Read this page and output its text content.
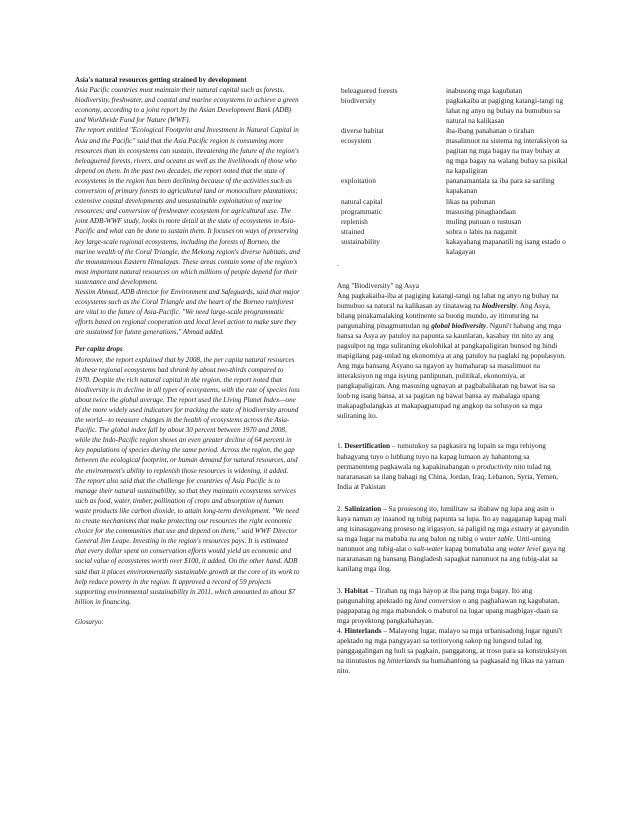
Asia's natural resources getting strained by development

Asia Pacific countries must maintain their natural capital such as forests, biodiversity, freshwater, and coastal and marine ecosystems to achieve a green economy, according to a joint report by the Asian Development Bank (ADB) and Worldwide Fund for Nature (WWF).

The report entitled "Ecological Footprint and Investment in Natural Capital in Asia and the Pacific" said that the Asia Pacific region is consuming more resources than its ecosystems can sustain, threatening the future of the region's beleaguered forests, rivers, and oceans as well as the livelihoods of those who depend on them. In the past two decades, the report noted that the state of ecosystems in the region has been declining because of the activities such as conversion of primary forests to agricultural land or monoculture plantations; extensive coastal developments and unsustainable exploitation of marine resources; and conversion of freshwater ecosystem for agricultural use. The joint ADB-WWF study, looks in more detail at the state of ecosystems in Asia-Pacific and what can be done to sustain them. It focuses on ways of preserving key large-scale regional ecosystems, including the forests of Borneo, the marine wealth of the Coral Triangle, the Mekong region's diverse habitats, and the mountainous Eastern Himalayas. These areas contain some of the region's most important natural resources on which millions of people depend for their sustenance and development.

Nessim Ahmad, ADB director for Environment and Safeguards, said that major ecosystems such as the Coral Triangle and the heart of the Borneo rainforest are vital to the future of Asia-Pacific. "We need large-scale programmatic efforts based on regional cooperation and local level action to make sure they are sustained for future generations," Ahmad added.

Per capita drops

Moreover, the report explained that by 2008, the per capita natural resources in these regional ecosystems had shrunk by about two-thirds compared to 1970. Despite the rich natural capital in the region, the report noted that biodiversity is in decline in all types of ecosystems, with the rate of species loss about twice the global average. The report used the Living Planet Index—one of the more widely used indicators for tracking the state of biodiversity around the world—to measure changes in the health of ecosystems across the Asia-Pacific. The global index fall by about 30 percent between 1970 and 2008, while the Indo-Pacific region shows an even greater decline of 64 percent in key populations of species during the same period. Across the region, the gap between the ecological footprint, or human demand for natural resources, and the environment's ability to replenish those resources is widening, it added. The report also said that the challenge for countries of Asia Pacific is to manage their natural sustainability, so that they maintain ecosystems services such as food, water, timber, pollination of crops and absorption of human waste products like carbon dioxide, to attain long-term development. "We need to create mechanisms that make protecting our resources the right economic choice for the communities that use and depend on them," said WWF Director General Jim Leape. Investing in the region's resources pays. It is estimated that every dollar spent on conservation efforts would yield an economic and social value of ecosystems worth over $100, it added. On the other hand, ADB said that it places environmentally sustainable growth at the core of its work to help reduce poverty in the region. It approved a record of 59 projects supporting environmental sustainability in 2011, which amounted to about $7 billion in financing.

Glosaryo:

beleaguered forests	inabusong mga kagubatan
biodiversity	pagkakaiba at pagiging katangi-tangi ng lahat ng anyo ng buhay na bumubuo sa natural na kalikasan
diverse habitat	iba-ibang panahanan o tirahan
ecosystem	masalimuot na sistema ng interaksiyon sa pagitan ng mga bagay na may buhay at ng mga bagay na walang buhay sa pisikal na kapaligiran
exploitation	pananamantala sa iba para sa sariling kapakanan
natural capital	likas na puhunan
programmatic	masusing pinaghandaan
replenish	muling punuan o tustusan
strained	sobra o labis na nagamit
sustainability	kakayahang mapanatili ng isang estado o kalagayan

.

Ang "Biodiversity" ng Asya

Ang pagkakaiba-iba at pagiging katangi-tangi ng lahat ng anyo ng buhay na bumubuo sa natural na kalikasan ay tinatawag na biodiversity. Ang Asya, bilang pinakamalaking kontinente sa buong mundo, ay itinuturing na pangunahing pinagmumulan ng global biodiversity. Nguni't habang ang mga bansa sa Asya ay patuloy na papunta sa kaunlaran, kasabay rin nito ay ang pagsulpot ng mga suliraning ekolohikal at pangkapaligiran bunsod ng hindi mapigilang pag-unlad ng ekonomiya at ang patuloy na paglaki ng populasyon. Ang mga bansang Asyano sa ngayon ay humaharap sa masalimuot na interaksiyon ng mga isyung panlipunan, pulitikal, ekonomiya, at pangkapaligiran. Ang masusing ugnayan at pagbabalikatan ng bawat isa sa loob ng isang bansa, at sa pagitan ng bawat bansa ay mahalaga upang makapagbalangkas at makapagpatupad ng angkop na solusyon sa mga suliraning ito.

1. Desertification – tumutukoy sa pagkasira ng lupain sa mga rehiyong bahagyang tuyo o lubhang tuyo na kapag lumaon ay hahantong sa permanenteng pagkawala ng kapakinabangan o productivity nito tulad ng nararanasan sa ilang bahagi ng China, Jordan, Iraq, Lebanon, Syria, Yemen, India at Pakistan

2. Salinization – Sa prosesong ito, lumilitaw sa ibabaw ng lupa ang asin o kaya naman ay inaanod ng tubig papunta sa lupa. Ito ay nagaganap kapag mali ang isinasagawang proseso ng irigasyon, sa paligid ng mga estuary at gayundin sa mga lugar na mababa na ang balon ng tubig o water table. Unti-unting nanunuot ang tubig-alat o salt-water kapag bumababa ang water level gaya ng nararanasan ng bansang Bangladesh sapagkat nanunuot na ang tubig-alat sa kanilang mga ilog.

3. Habitat – Tirahan ng mga hayop at iba pang mga bagay. Ito ang pangunahing apektado ng land conversion o ang paghahawan ng kagubatan, pagpapatag ng mga mabundok o maburol na lugar upang magbigay-daan sa mga proyektong pangkabahayan.

4. Hinterlands – Malayong lugar, malayo sa mga urbanisadong lugar nguni't apektado ng mga pangyayari sa teritoryong sakop ng lungsod tulad ng panggagalingan ng huli sa pagkain, panggatong, at troso para sa konstruksiyon na itinutustos ng hinterlands na humahantong sa pagkasaid ng likas na yaman nito.
